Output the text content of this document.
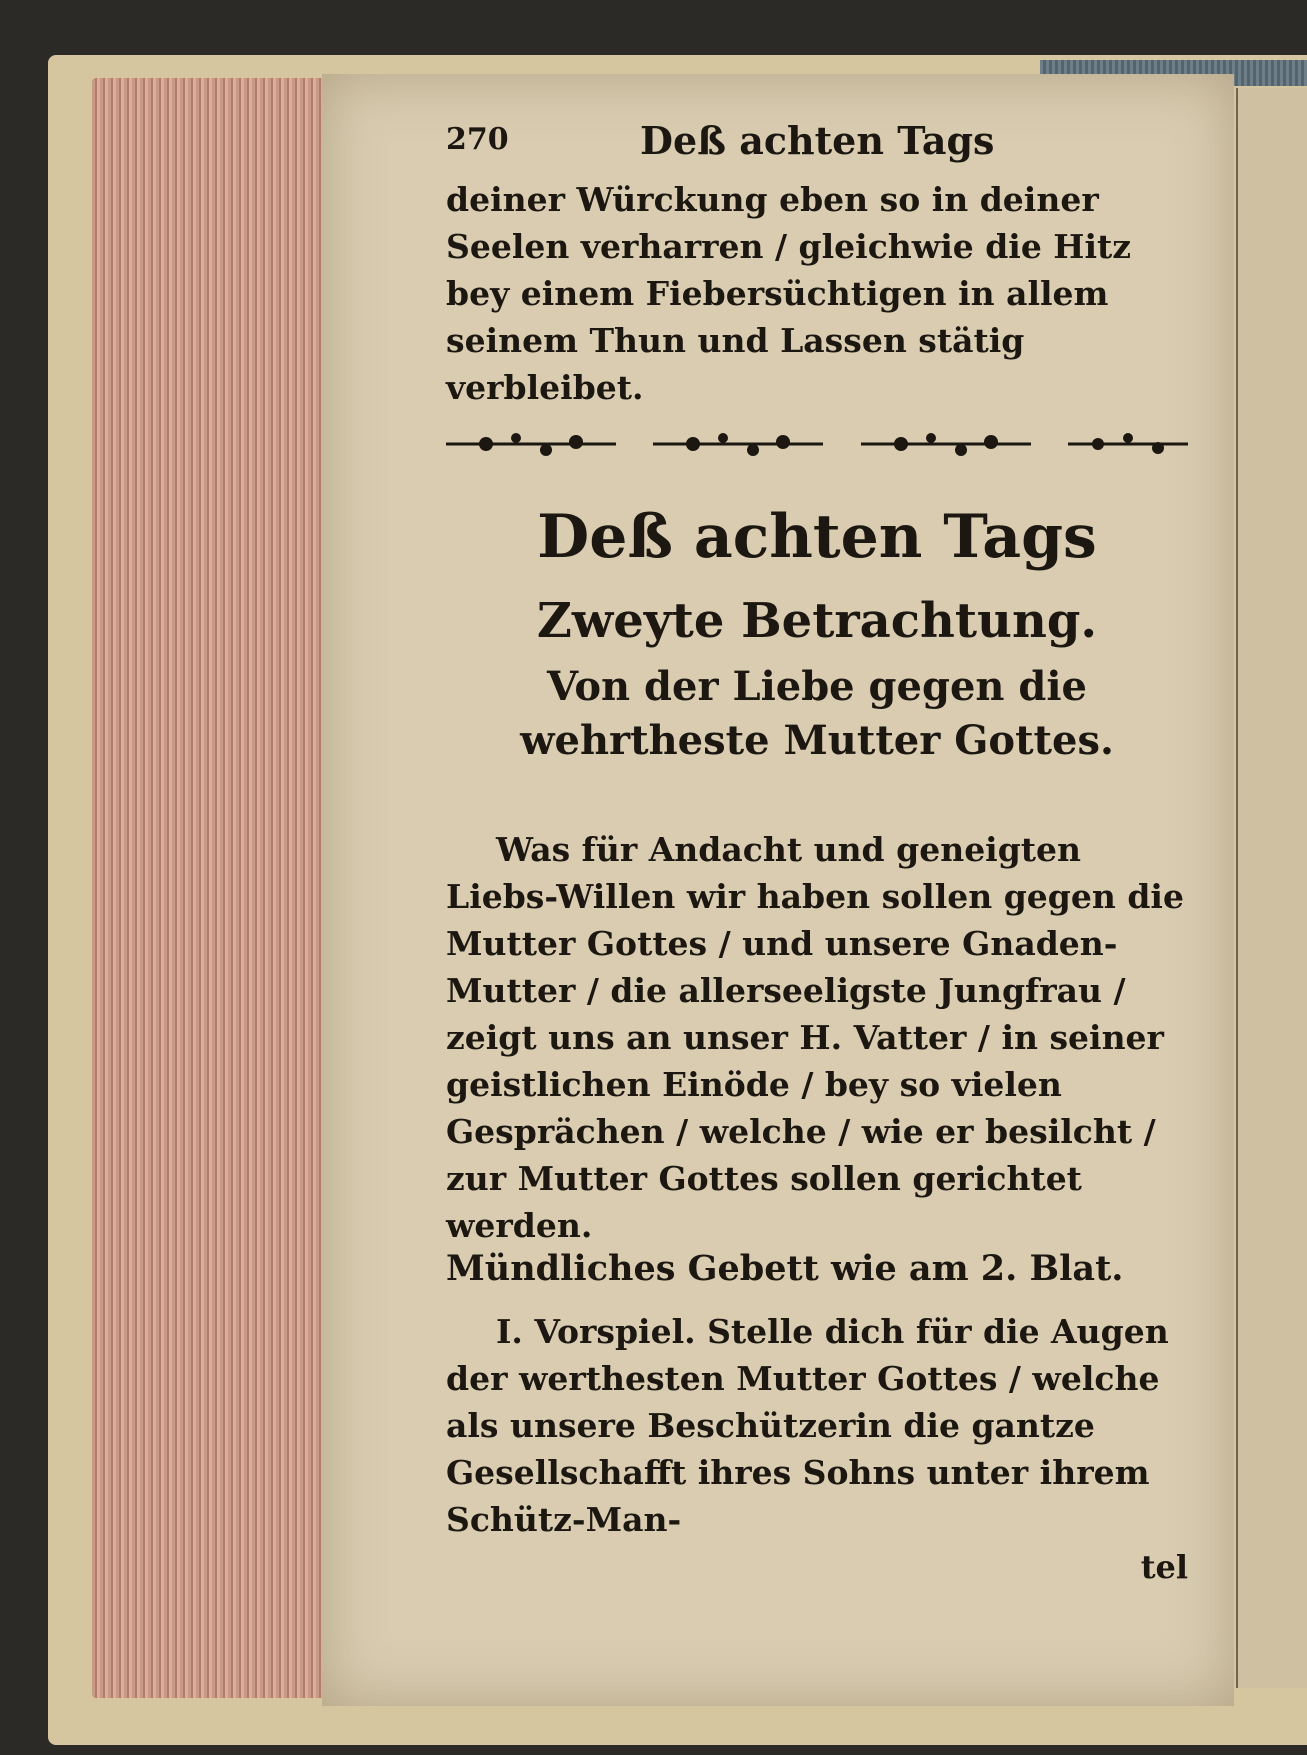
270	Deß achten Tags

deiner Würckung eben so in deiner Seelen verharren / gleichwie die Hitz bey einem Fiebersüchtigen in allem seinem Thun und Lassen stätig verbleibet.

Deß achten Tags
Zweyte Betrachtung.
Von der Liebe gegen die wehrtheste Mutter Gottes.

Was für Andacht und geneigten Liebs-Willen wir haben sollen gegen die Mutter Gottes / und unsere Gnaden-Mutter / die allerseeligste Jungfrau / zeigt uns an unser H. Vatter / in seiner geistlichen Einöde / bey so vielen Gesprächen / welche / wie er besilcht / zur Mutter Gottes sollen gerichtet werden.

Mündliches Gebett wie am 2. Blat.

I. Vorspiel. Stelle dich für die Augen der werthesten Mutter Gottes / welche als unsere Beschützerin die gantze Gesellschafft ihres Sohns unter ihrem Schütz-Man-

tel
